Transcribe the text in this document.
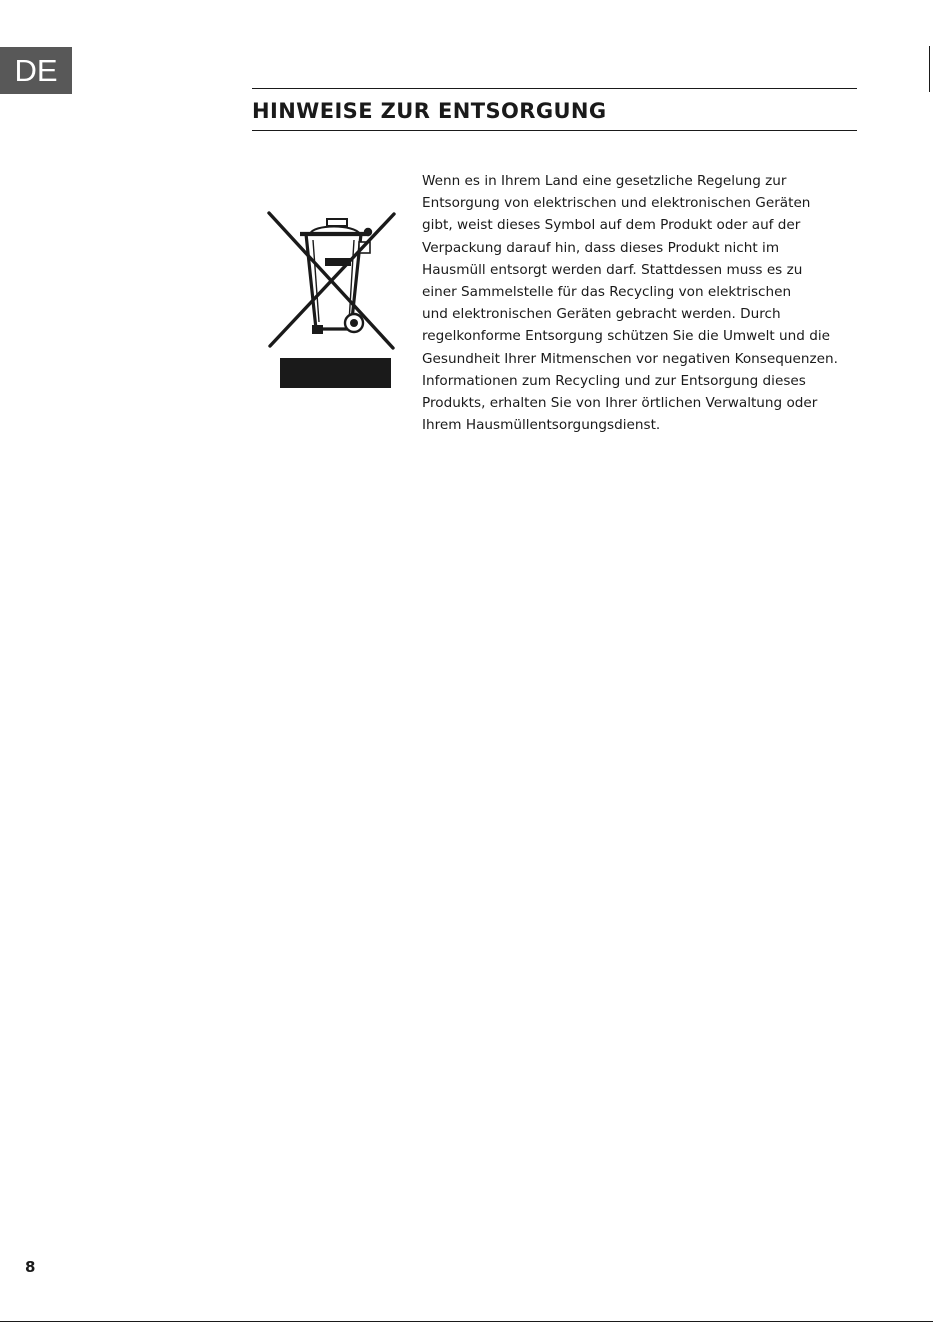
DE
HINWEISE ZUR ENTSORGUNG
Wenn es in Ihrem Land eine gesetzliche Regelung zur
Entsorgung von elektrischen und elektronischen Geräten
gibt, weist dieses Symbol auf dem Produkt oder auf der
Verpackung darauf hin, dass dieses Produkt nicht im
Hausmüll entsorgt werden darf. Stattdessen muss es zu
einer Sammelstelle für das Recycling von elektrischen
und elektronischen Geräten gebracht werden. Durch
regelkonforme Entsorgung schützen Sie die Umwelt und die
Gesundheit Ihrer Mitmenschen vor negativen Konsequenzen.
Informationen zum Recycling und zur Entsorgung dieses
Produkts, erhalten Sie von Ihrer örtlichen Verwaltung oder
Ihrem Hausmüllentsorgungsdienst.
8
